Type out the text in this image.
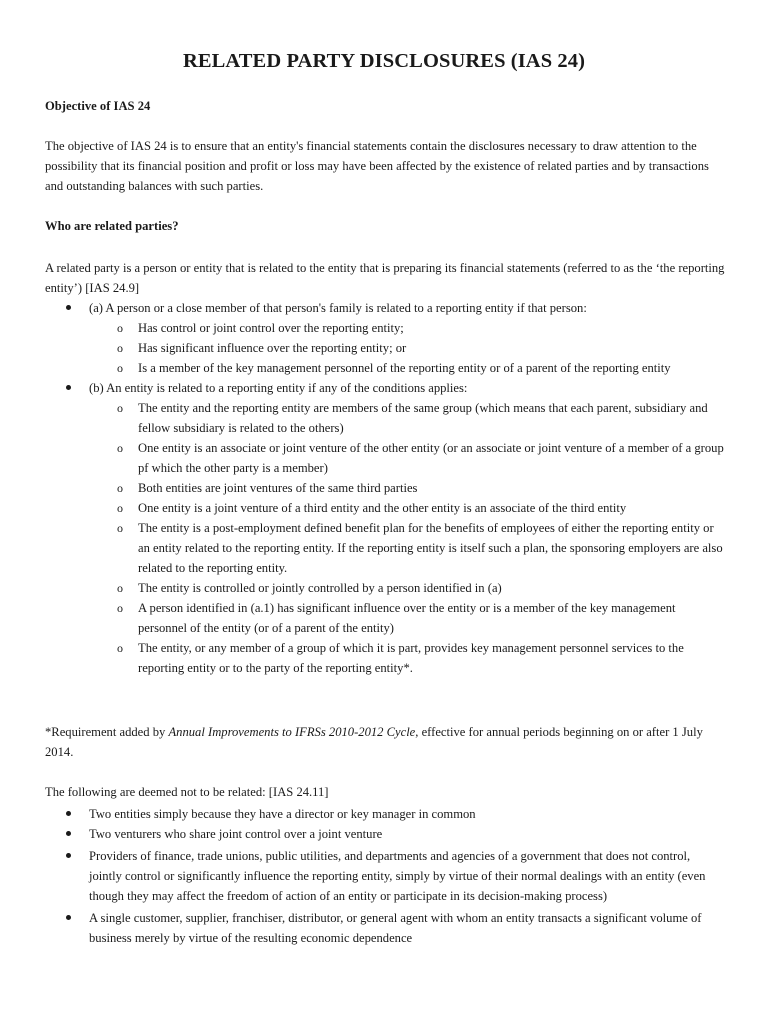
RELATED PARTY DISCLOSURES (IAS 24)
Objective of IAS 24
The objective of IAS 24 is to ensure that an entity's financial statements contain the disclosures necessary to draw attention to the possibility that its financial position and profit or loss may have been affected by the existence of related parties and by transactions and outstanding balances with such parties.
Who are related parties?
A related party is a person or entity that is related to the entity that is preparing its financial statements (referred to as the ‘the reporting entity’) [IAS 24.9]
(a) A person or a close member of that person's family is related to a reporting entity if that person:
o Has control or joint control over the reporting entity;
o Has significant influence over the reporting entity; or
o Is a member of the key management personnel of the reporting entity or of a parent of the reporting entity
(b) An entity is related to a reporting entity if any of the conditions applies:
o The entity and the reporting entity are members of the same group (which means that each parent, subsidiary and fellow subsidiary is related to the others)
o One entity is an associate or joint venture of the other entity (or an associate or joint venture of a member of a group pf which the other party is a member)
o Both entities are joint ventures of the same third parties
o One entity is a joint venture of a third entity and the other entity is an associate of the third entity
o The entity is a post-employment defined benefit plan for the benefits of employees of either the reporting entity or an entity related to the reporting entity. If the reporting entity is itself such a plan, the sponsoring employers are also related to the reporting entity.
o The entity is controlled or jointly controlled by a person identified in (a)
o A person identified in (a.1) has significant influence over the entity or is a member of the key management personnel of the entity (or of a parent of the entity)
o The entity, or any member of a group of which it is part, provides key management personnel services to the reporting entity or to the party of the reporting entity*.
*Requirement added by Annual Improvements to IFRSs 2010-2012 Cycle, effective for annual periods beginning on or after 1 July 2014.
The following are deemed not to be related: [IAS 24.11]
Two entities simply because they have a director or key manager in common
Two venturers who share joint control over a joint venture
Providers of finance, trade unions, public utilities, and departments and agencies of a government that does not control, jointly control or significantly influence the reporting entity, simply by virtue of their normal dealings with an entity (even though they may affect the freedom of action of an entity or participate in its decision-making process)
A single customer, supplier, franchiser, distributor, or general agent with whom an entity transacts a significant volume of business merely by virtue of the resulting economic dependence
